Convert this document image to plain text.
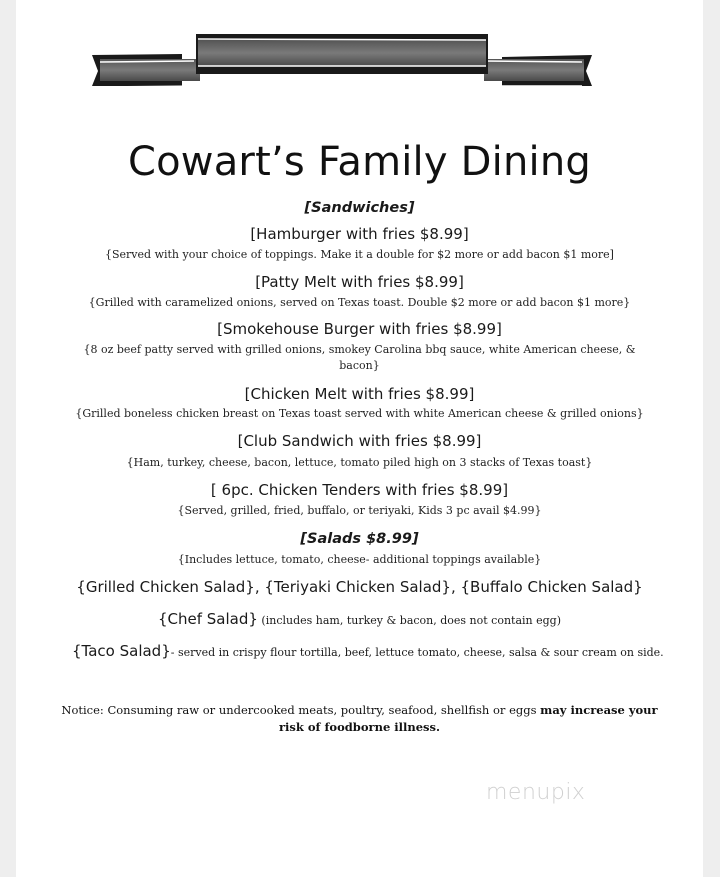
Cowart’s Family Dining
[Sandwiches]
[Hamburger with fries $8.99]
{Served with your choice of toppings. Make it a double for $2 more or add bacon $1 more]
[Patty Melt with fries $8.99]
{Grilled with caramelized onions, served on Texas toast. Double $2 more or add bacon $1 more}
[Smokehouse Burger with fries $8.99]
{8 oz beef patty served with grilled onions, smokey Carolina bbq sauce, white American cheese, &
bacon}
[Chicken Melt with fries $8.99]
{Grilled boneless chicken breast on Texas toast served with white American cheese & grilled onions}
[Club Sandwich with fries $8.99]
{Ham, turkey, cheese, bacon, lettuce, tomato piled high on 3 stacks of Texas toast}
[ 6pc. Chicken Tenders with fries $8.99]
{Served, grilled, fried, buffalo, or teriyaki, Kids 3 pc avail $4.99}
[Salads $8.99]
{Includes lettuce, tomato, cheese- additional toppings available}
{Grilled Chicken Salad}, {Teriyaki Chicken Salad}, {Buffalo Chicken Salad}
{Chef Salad} (includes ham, turkey & bacon, does not contain egg)
{Taco Salad}- served in crispy flour tortilla, beef, lettuce tomato, cheese, salsa & sour cream on side.
Notice: Consuming raw or undercooked meats, poultry, seafood, shellfish or eggs may increase your risk of foodborne illness.
menupix
